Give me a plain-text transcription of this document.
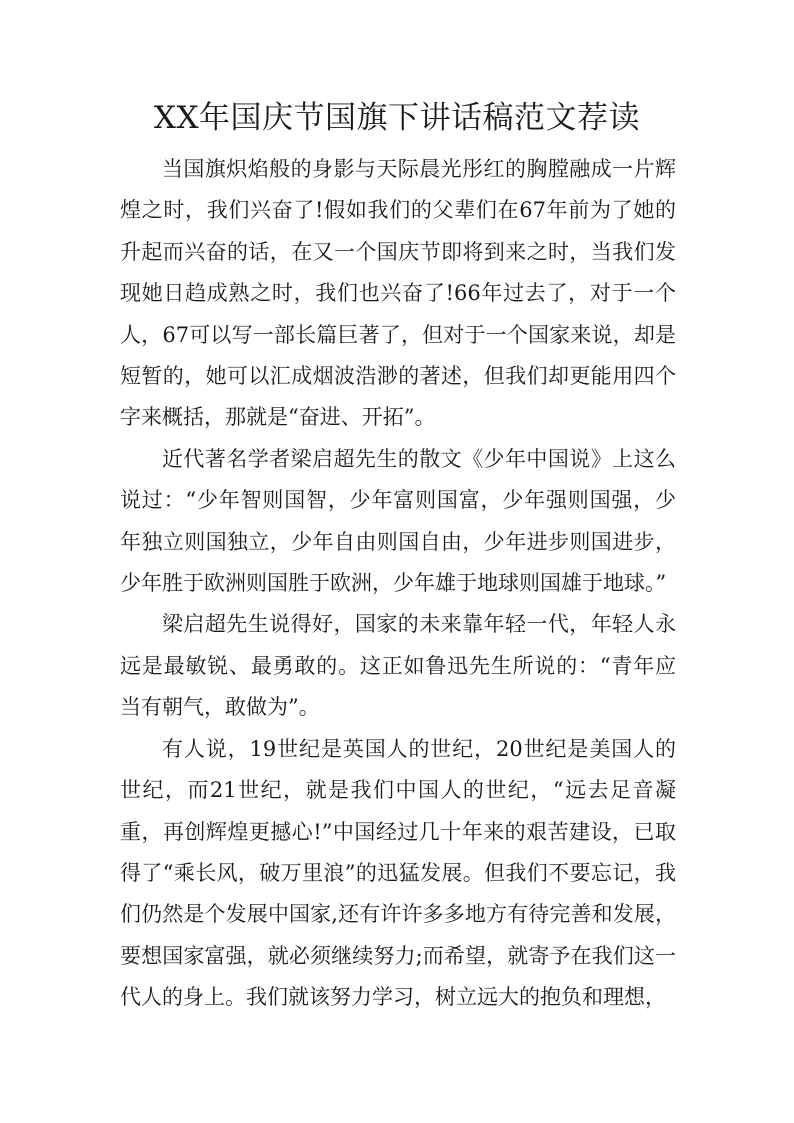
XX年国庆节国旗下讲话稿范文荐读

当国旗炽焰般的身影与天际晨光彤红的胸膛融成一片辉煌之时，我们兴奋了!假如我们的父辈们在67年前为了她的升起而兴奋的话，在又一个国庆节即将到来之时，当我们发现她日趋成熟之时，我们也兴奋了!66年过去了，对于一个人，67可以写一部长篇巨著了，但对于一个国家来说，却是短暂的，她可以汇成烟波浩渺的著述，但我们却更能用四个字来概括，那就是“奋进、开拓”。

近代著名学者梁启超先生的散文《少年中国说》上这么说过：“少年智则国智，少年富则国富，少年强则国强，少年独立则国独立，少年自由则国自由，少年进步则国进步，少年胜于欧洲则国胜于欧洲，少年雄于地球则国雄于地球。”

梁启超先生说得好，国家的未来靠年轻一代，年轻人永远是最敏锐、最勇敢的。这正如鲁迅先生所说的：“青年应当有朝气，敢做为”。

有人说，19世纪是英国人的世纪，20世纪是美国人的世纪，而21世纪，就是我们中国人的世纪，“远去足音凝重，再创辉煌更撼心!”中国经过几十年来的艰苦建设，已取得了“乘长风，破万里浪”的迅猛发展。但我们不要忘记，我们仍然是个发展中国家,还有许许多多地方有待完善和发展，要想国家富强，就必须继续努力;而希望，就寄予在我们这一代人的身上。我们就该努力学习，树立远大的抱负和理想，
